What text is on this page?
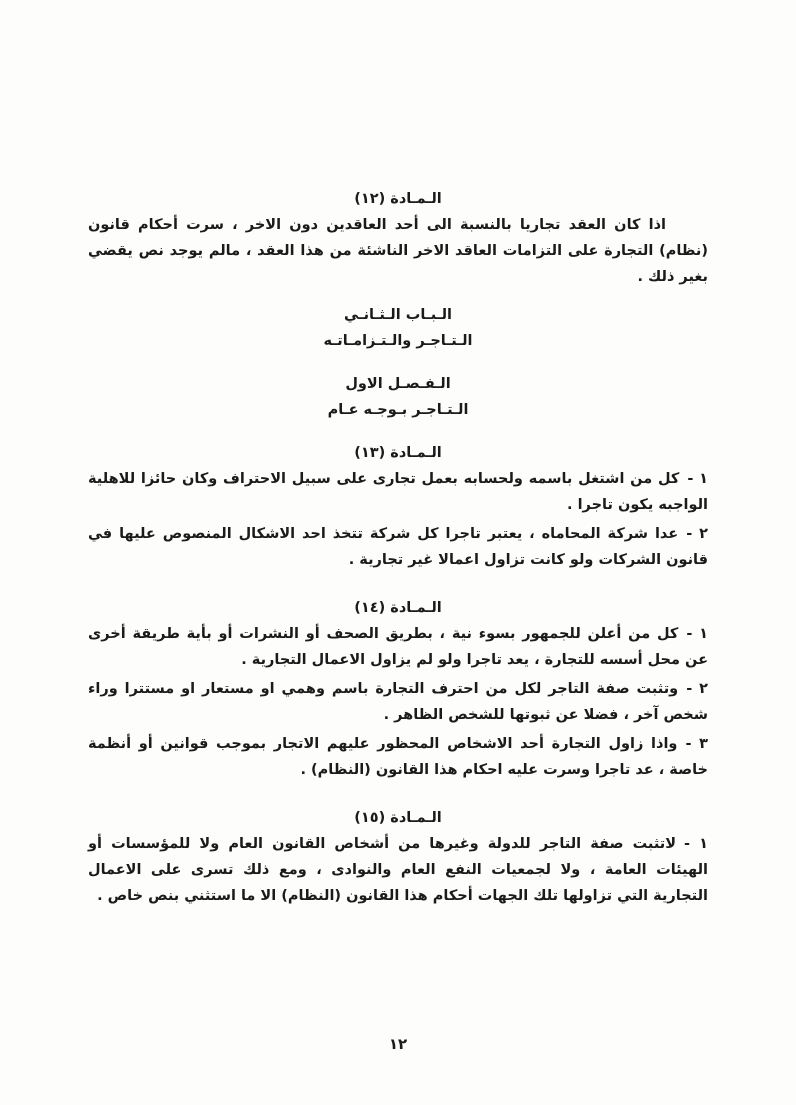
الـمـادة (١٢)

اذا كان العقد تجاريا بالنسبة الى أحد العاقدين دون الاخر ، سرت أحكام قانون (نظام) التجارة على التزامات العاقد الاخر الناشئة من هذا العقد ، مالم يوجد نص يقضي بغير ذلك .

الـبـاب الـثـانـي

الـتـاجـر والـتـزامـاتـه

الـفـصـل الاول

الـتـاجـر بـوجـه عـام

الـمـادة (١٣)

١ -كل من اشتغل باسمه ولحسابه بعمل تجارى على سبيل الاحتراف وكان حائزا للاهلية الواجبه يكون تاجرا .
٢ -عدا شركة المحاماه ، يعتبر تاجرا كل شركة تتخذ احد الاشكال المنصوص عليها في قانون الشركات ولو كانت تزاول اعمالا غير تجارية .

الـمـادة (١٤)

١ -كل من أعلن للجمهور بسوء نية ، بطريق الصحف أو النشرات أو بأية طريقة أخرى عن محل أسسه للتجارة ، يعد تاجرا ولو لم يزاول الاعمال التجارية .
٢ -وتثبت صفة التاجر لكل من احترف التجارة باسم وهمي او مستعار او مستترا وراء شخص آخر ، فضلا عن ثبوتها للشخص الظاهر .
٣ -واذا زاول التجارة أحد الاشخاص المحظور عليهم الاتجار بموجب قوانين أو أنظمة خاصة ، عد تاجرا وسرت عليه احكام هذا القانون (النظام) .

الـمـادة (١٥)

١ -لاتثبت صفة التاجر للدولة وغيرها من أشخاص القانون العام ولا للمؤسسات أو الهيئات العامة ، ولا لجمعيات النفع العام والنوادى ، ومع ذلك تسرى على الاعمال التجارية التي تزاولها تلك الجهات أحكام هذا القانون (النظام) الا ما استثني بنص خاص .
١٢
